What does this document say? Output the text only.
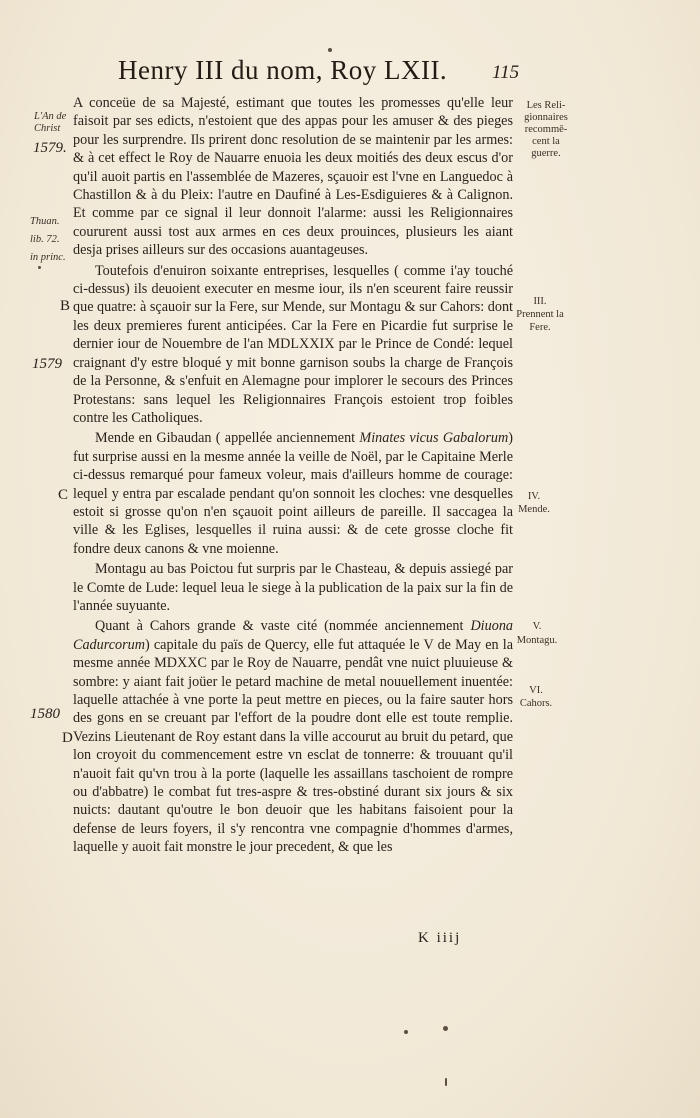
Henry III du nom, Roy LXII. 115

A conceüe de sa Majesté, estimant que toutes les promesses qu'elle leur faisoit par ses edicts, n'estoient que des appas pour les amuser & des pieges pour les surprendre. Ils prirent donc resolution de se maintenir par les armes: & à cet effect le Roy de Nauarre enuoia les deux moitiés des deux escus d'or qu'il auoit partis en l'assemblée de Mazeres, sçauoir est l'vne en Languedoc à Chastillon & à du Pleix: l'autre en Daufiné à Les-Esdiguieres & à Calignon. Et comme par ce signal il leur donnoit l'alarme: aussi les Religionnaires coururent aussi tost aux armes en ces deux prouinces, plusieurs les aiant desja prises ailleurs sur des occasions auantageuses.

Toutefois d'enuiron soixante entreprises, lesquelles ( comme i'ay touché ci-dessus) ils deuoient executer en mesme iour, ils n'en sceurent faire reussir que quatre: à sçauoir sur la Fere, sur Mende, sur Montagu & sur Cahors: dont les deux premieres furent anticipées. Car la Fere en Picardie fut surprise le dernier iour de Nouembre de l'an MDLXXIX par le Prince de Condé: lequel craignant d'y estre bloqué y mit bonne garnison soubs la charge de François de la Personne, & s'enfuit en Alemagne pour implorer le secours des Princes Protestans: sans lequel les Religionnaires François estoient trop foibles contre les Catholiques.

Mende en Gibaudan ( appellée anciennement Minates vicus Gabalorum) fut surprise aussi en la mesme année la veille de Noël, par le Capitaine Merle ci-dessus remarqué pour fameux voleur, mais d'ailleurs homme de courage: lequel y entra par escalade pendant qu'on sonnoit les cloches: vne desquelles estoit si grosse qu'on n'en sçauoit point ailleurs de pareille. Il saccagea la ville & les Eglises, lesquelles il ruina aussi: & de cete grosse cloche fit fondre deux canons & vne moienne.

Montagu au bas Poictou fut surpris par le Chasteau, & depuis assiegé par le Comte de Lude: lequel leua le siege à la publication de la paix sur la fin de l'année suyuante.

Quant à Cahors grande & vaste cité (nommée anciennement Diuona Cadurcorum) capitale du païs de Quercy, elle fut attaquée le V de May en la mesme année MDXXC par le Roy de Nauarre, pendât vne nuict pluuieuse & sombre: y aiant fait joüer le petard machine de metal nouuellement inuentée: laquelle attachée à vne porte la peut mettre en pieces, ou la faire sauter hors des gons en se creuant par l'effort de la poudre dont elle est toute remplie. Vezins Lieutenant de Roy estant dans la ville accourut au bruit du petard, que lon croyoit du commencement estre vn esclat de tonnerre: & trouuant qu'il n'auoit fait qu'vn trou à la porte (laquelle les assaillans taschoient de rompre ou d'abbatre) le combat fut tres-aspre & tres-obstiné durant six jours & six nuicts: dautant qu'outre le bon deuoir que les habitans faisoient pour la defense de leurs foyers, il s'y rencontra vne compagnie d'hommes d'armes, laquelle y auoit fait monstre le jour precedent, & que les

K iiij
L'An de
Christ
1579.
Thuan.
lib. 72.
in princ.
B
1579
C
1580
D
Les Reli-
gionnaires
recommē-
cent la
guerre.
III.
Prennent la
Fere.
IV.
Mende.
V.
Montagu.
VI.
Cahors.
